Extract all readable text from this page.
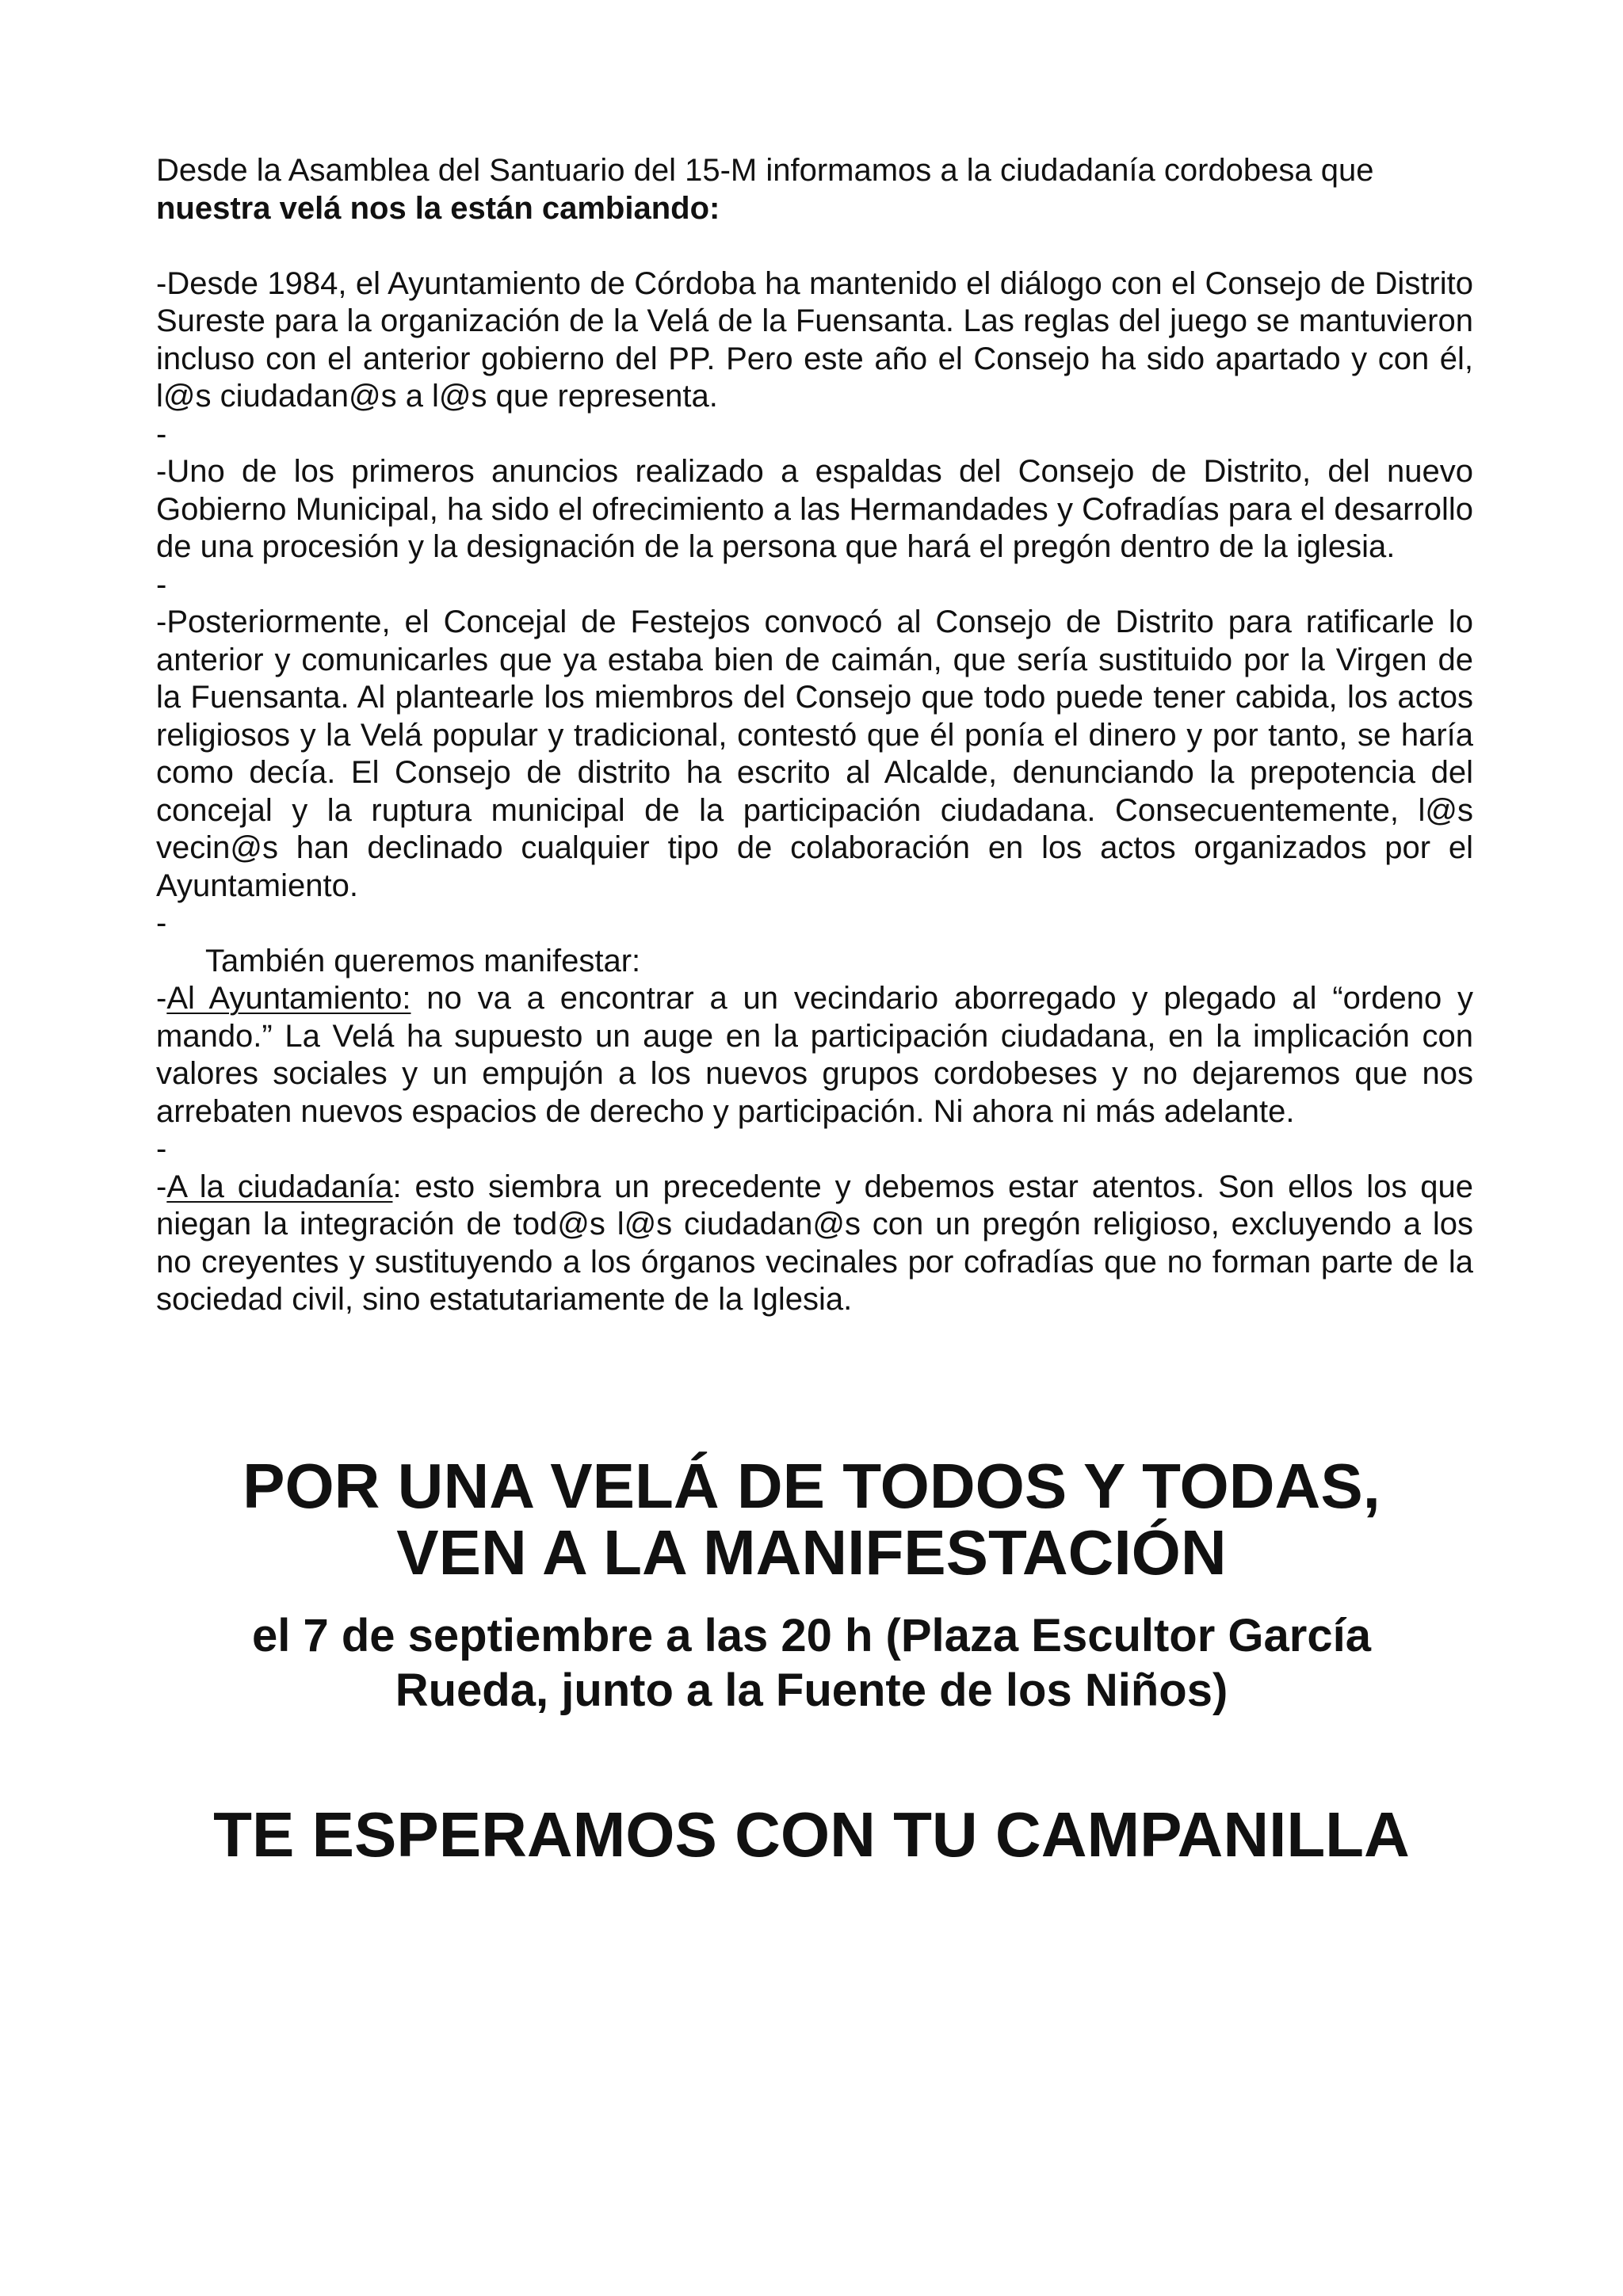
Desde la Asamblea del Santuario del 15-M informamos a la ciudadanía cordobesa que
nuestra velá nos la están cambiando:

-Desde 1984, el Ayuntamiento de Córdoba ha mantenido el diálogo con el Consejo de Distrito Sureste para la organización de la Velá de la Fuensanta. Las reglas del juego se mantuvieron incluso con el anterior gobierno del PP. Pero este año el Consejo ha sido apartado y con él, l@s ciudadan@s a l@s que representa.

-

-Uno de los primeros anuncios realizado a espaldas del Consejo de Distrito, del nuevo Gobierno Municipal, ha sido el ofrecimiento a las Hermandades y Cofradías para el desarrollo de una procesión y la designación de la persona que hará el pregón dentro de la iglesia.

-

-Posteriormente, el Concejal de Festejos convocó al Consejo de Distrito para ratificarle lo anterior y comunicarles que ya estaba bien de caimán, que sería sustituido por la Virgen de la Fuensanta. Al plantearle los miembros del Consejo que todo puede tener cabida, los actos religiosos y la Velá popular y tradicional, contestó que él ponía el dinero y por tanto, se haría como decía. El Consejo de distrito ha escrito al Alcalde, denunciando la prepotencia del concejal y la ruptura municipal de la participación ciudadana. Consecuentemente, l@s vecin@s han declinado cualquier tipo de colaboración en los actos organizados por el Ayuntamiento.

-

También queremos manifestar:

-Al Ayuntamiento: no va a encontrar a un vecindario aborregado y plegado al “ordeno y mando.” La Velá ha supuesto un auge en la participación ciudadana, en la implicación con valores sociales y un empujón a los nuevos grupos cordobeses y no dejaremos que nos arrebaten nuevos espacios de derecho y participación. Ni ahora ni más adelante.

-

-A la ciudadanía: esto siembra un precedente y debemos estar atentos. Son ellos los que niegan la integración de tod@s l@s ciudadan@s con un pregón religioso, excluyendo a los no creyentes y sustituyendo a los órganos vecinales por cofradías que no forman parte de la sociedad civil, sino estatutariamente de la Iglesia.

POR UNA VELÁ DE TODOS Y TODAS,
VEN A LA MANIFESTACIÓN
el 7 de septiembre a las 20 h (Plaza Escultor García
Rueda, junto a la Fuente de los Niños)
TE ESPERAMOS CON TU CAMPANILLA
